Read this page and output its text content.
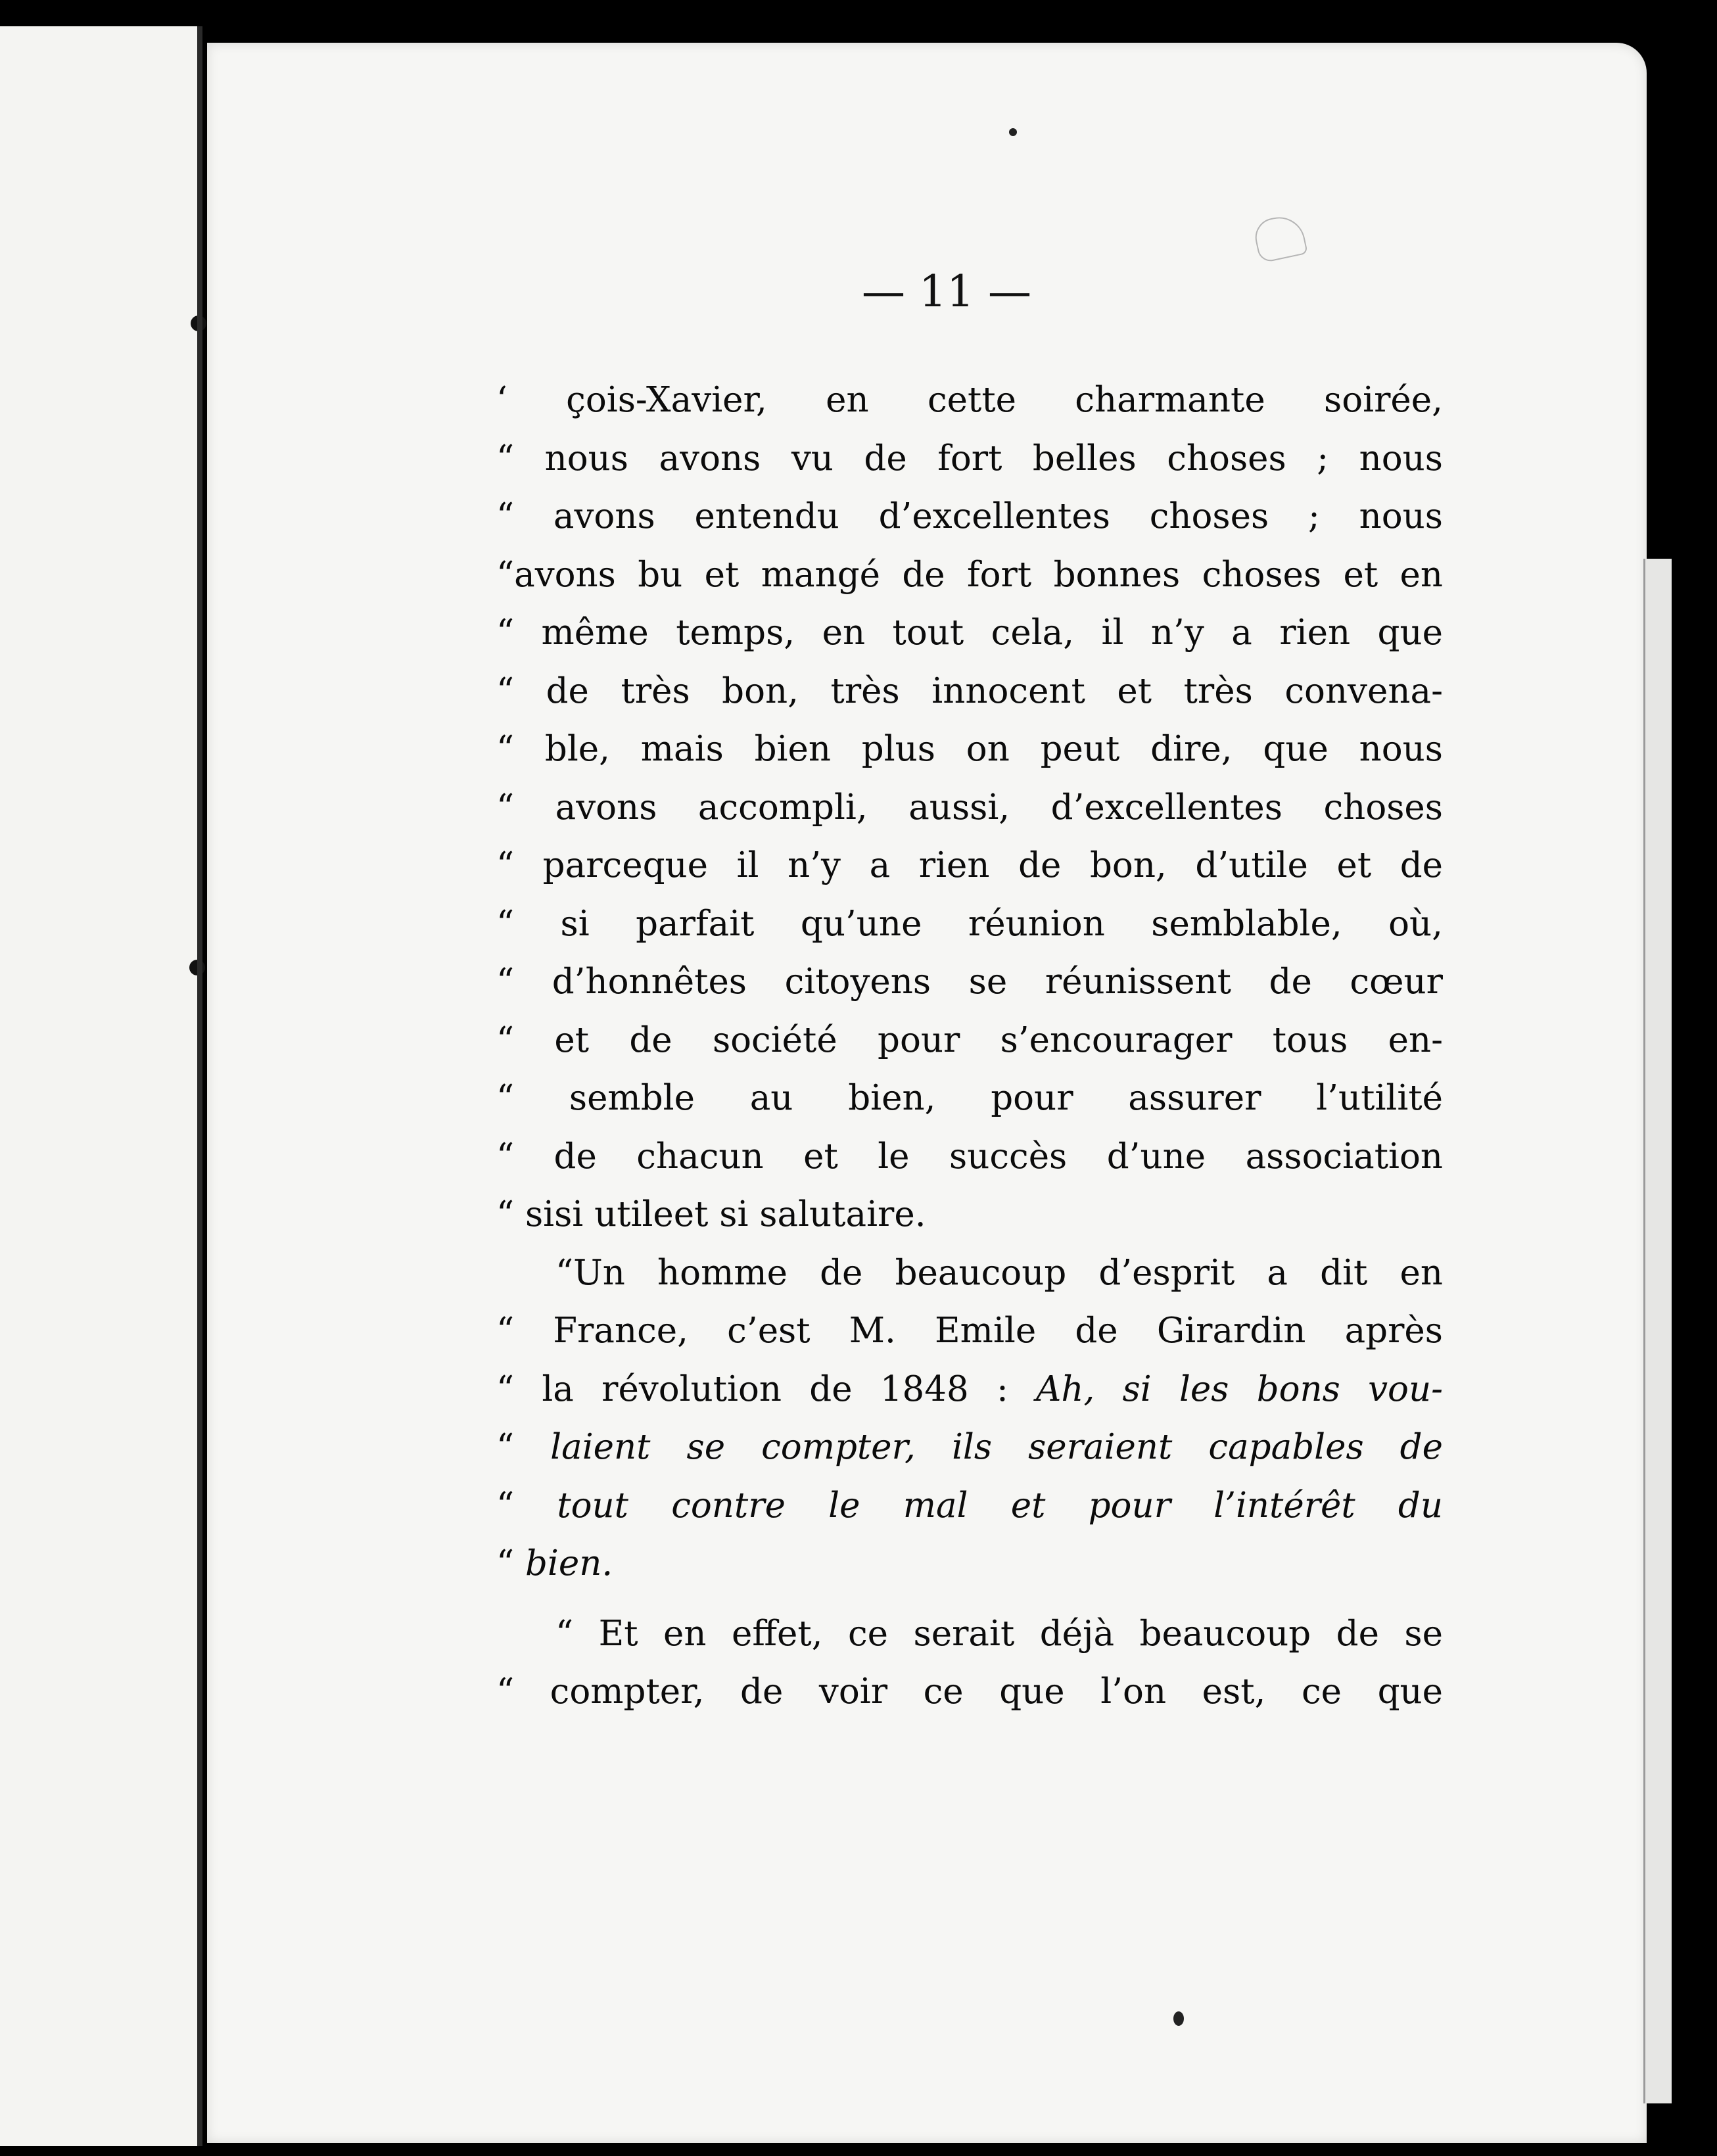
— 11 —
‘ çois-Xavier, en cette charmante soirée,
“ nous avons vu de fort belles choses ; nous
“ avons entendu d’excellentes choses ; nous
“avons bu et mangé de fort bonnes choses et en
“ même temps, en tout cela, il n’y a rien que
“ de très bon, très innocent et très convena-
“ ble, mais bien plus on peut dire, que nous
“ avons accompli, aussi, d’excellentes choses
“ parceque il n’y a rien de bon, d’utile et de
“ si parfait qu’une réunion semblable, où,
“ d’honnêtes citoyens se réunissent de cœur
“ et de société pour s’encourager tous en-
“ semble au bien, pour assurer l’utilité
“ de chacun et le succès d’une association
“ sisi utileet si salutaire.
“Un homme de beaucoup d’esprit a dit en
“ France, c’est M. Emile de Girardin après
“ la révolution de 1848 : Ah, si les bons vou-
“ laient se compter, ils seraient capables de
“ tout contre le mal et pour l’intérêt du
“ bien.
“ Et en effet, ce serait déjà beaucoup de se
“ compter, de voir ce que l’on est, ce que
